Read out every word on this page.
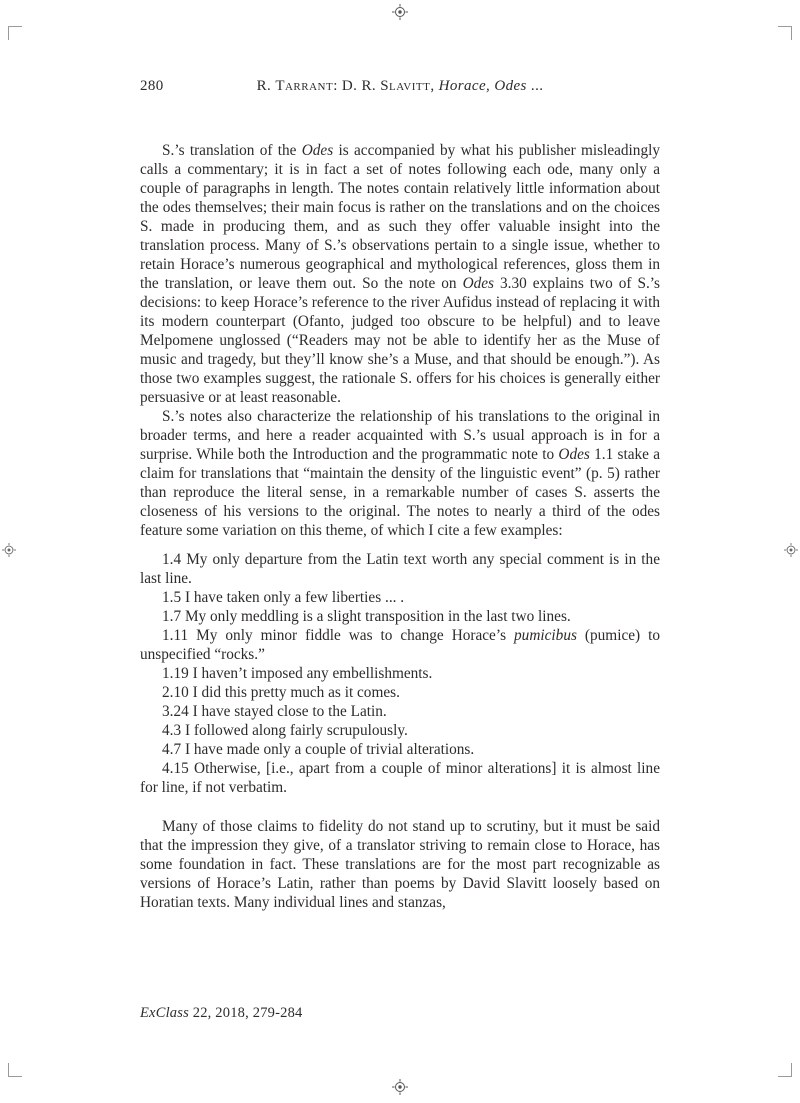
280	R. Tarrant: D. R. Slavitt, Horace, Odes ...

S.’s translation of the Odes is accompanied by what his publisher misleadingly calls a commentary; it is in fact a set of notes following each ode, many only a couple of paragraphs in length. The notes contain relatively little information about the odes themselves; their main focus is rather on the translations and on the choices S. made in producing them, and as such they offer valuable insight into the translation process. Many of S.’s observations pertain to a single issue, whether to retain Horace’s numerous geographical and mythological references, gloss them in the translation, or leave them out. So the note on Odes 3.30 explains two of S.’s decisions: to keep Horace’s reference to the river Aufidus instead of replacing it with its modern counterpart (Ofanto, judged too obscure to be helpful) and to leave Melpomene unglossed (“Readers may not be able to identify her as the Muse of music and tragedy, but they’ll know she’s a Muse, and that should be enough.”). As those two examples suggest, the rationale S. offers for his choices is generally either persuasive or at least reasonable.

S.’s notes also characterize the relationship of his translations to the original in broader terms, and here a reader acquainted with S.’s usual approach is in for a surprise. While both the Introduction and the programmatic note to Odes 1.1 stake a claim for translations that “maintain the density of the linguistic event” (p. 5) rather than reproduce the literal sense, in a remarkable number of cases S. asserts the closeness of his versions to the original. The notes to nearly a third of the odes feature some variation on this theme, of which I cite a few examples:

1.4 My only departure from the Latin text worth any special comment is in the last line.

1.5 I have taken only a few liberties ... .

1.7 My only meddling is a slight transposition in the last two lines.

1.11 My only minor fiddle was to change Horace’s pumicibus (pumice) to unspecified “rocks.”

1.19 I haven’t imposed any embellishments.

2.10 I did this pretty much as it comes.

3.24 I have stayed close to the Latin.

4.3 I followed along fairly scrupulously.

4.7 I have made only a couple of trivial alterations.

4.15 Otherwise, [i.e., apart from a couple of minor alterations] it is almost line for line, if not verbatim.

Many of those claims to fidelity do not stand up to scrutiny, but it must be said that the impression they give, of a translator striving to remain close to Horace, has some foundation in fact. These translations are for the most part recognizable as versions of Horace’s Latin, rather than poems by David Slavitt loosely based on Horatian texts. Many individual lines and stanzas,

ExClass 22, 2018, 279-284
